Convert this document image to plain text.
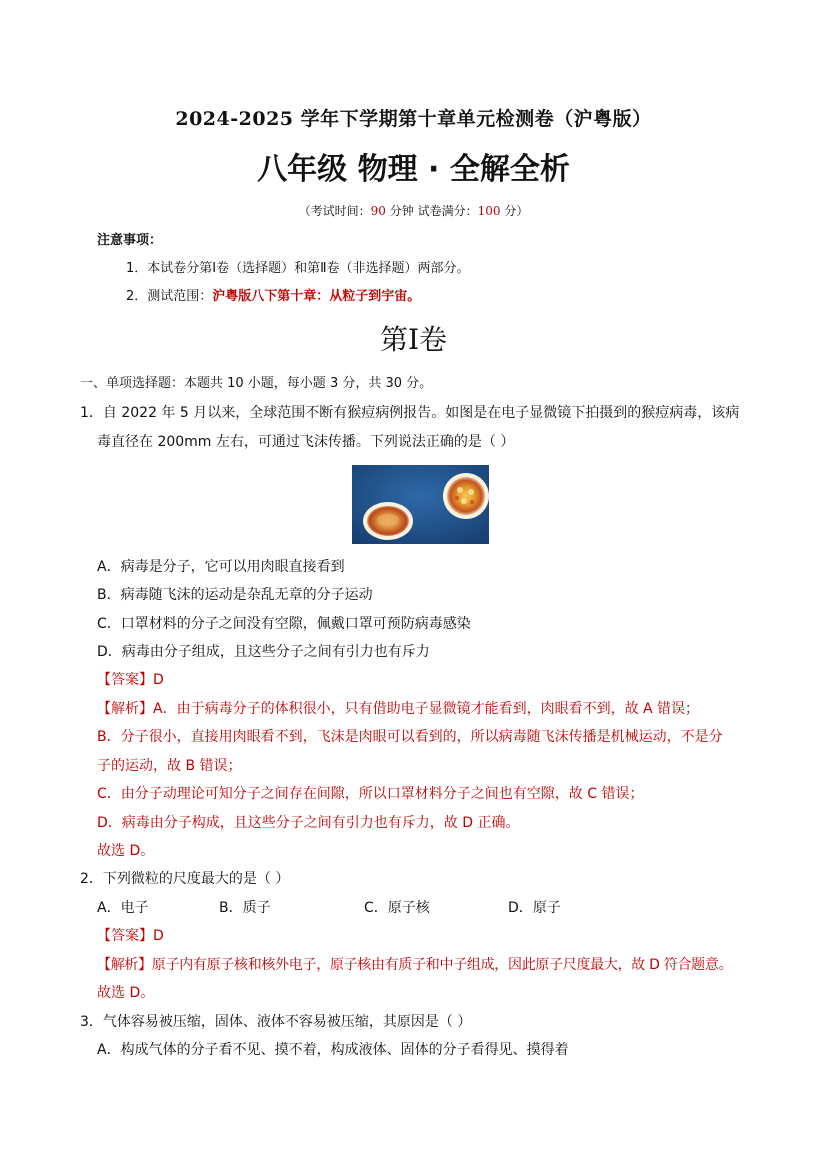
2024-2025 学年下学期第十章单元检测卷（沪粤版）
八年级 物理 · 全解全析
（考试时间：90 分钟 试卷满分：100 分）
注意事项：
1．本试卷分第Ⅰ卷（选择题）和第Ⅱ卷（非选择题）两部分。
2．测试范围：沪粤版八下第十章：从粒子到宇宙。
第Ⅰ卷
一、单项选择题：本题共 10 小题，每小题 3 分，共 30 分。
1．自 2022 年 5 月以来，全球范围不断有猴痘病例报告。如图是在电子显微镜下拍摄到的猴痘病毒，该病
毒直径在 200mm 左右，可通过飞沫传播。下列说法正确的是（ ）
A．病毒是分子，它可以用肉眼直接看到
B．病毒随飞沫的运动是杂乱无章的分子运动
C．口罩材料的分子之间没有空隙，佩戴口罩可预防病毒感染
D．病毒由分子组成，且这些分子之间有引力也有斥力
【答案】D
【解析】A．由于病毒分子的体积很小，只有借助电子显微镜才能看到，肉眼看不到，故 A 错误；
B．分子很小，直接用肉眼看不到，飞沫是肉眼可以看到的，所以病毒随飞沫传播是机械运动，不是分
子的运动，故 B 错误；
C．由分子动理论可知分子之间存在间隙，所以口罩材料分子之间也有空隙，故 C 错误；
D．病毒由分子构成，且这些分子之间有引力也有斥力，故 D 正确。
故选 D。
2．下列微粒的尺度最大的是（ ）
A．电子	B．质子	C．原子核	D．原子
【答案】D
【解析】原子内有原子核和核外电子，原子核由有质子和中子组成，因此原子尺度最大，故 D 符合题意。
故选 D。
3．气体容易被压缩，固体、液体不容易被压缩，其原因是（ ）
A．构成气体的分子看不见、摸不着，构成液体、固体的分子看得见、摸得着
